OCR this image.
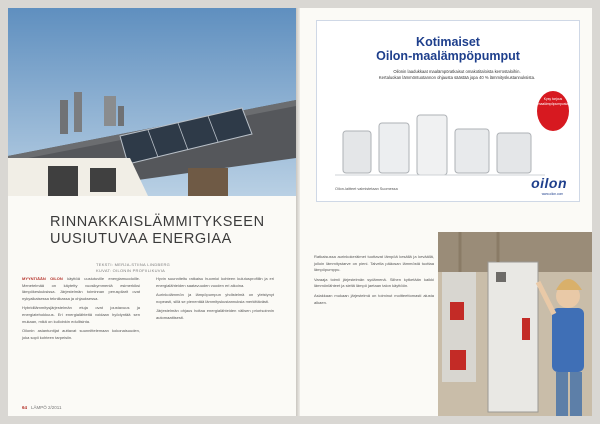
RINNAKKAISLÄMMITYKSEEN
UUSIUTUVAA ENERGIAA
TEKSTI: MERJA-STIINA LINDBERG
KUVAT: OILONIN PROFIILIKUVIA

MYYNTIÄÄN OILON käyttöä uusiutuville energiamuodoille. Menetelmää on käytetty vuosikymmeniä esimerkiksi lämpökeskuksissa. Järjestelmän toiminnan peruspilarit ovat nykyaikaisessa tekniikassa ja ohjauksessa.

Hybridilämmitysjärjestelmän etuja ovat joustavuus ja energiatehokkuus. Eri energialähteitä voidaan hyödyntää sen mukaan, mikä on kulloinkin edullisinta.

Oilonin asiantuntijat auttavat suunnittelemaan kokonaisuuden, joka sopii kohteen tarpeisiin.

Hyvin suunniteltu ratkaisu huomioi kohteen kulutusprofiilin ja eri energialähteiden saatavuuden vuoden eri aikoina.

Aurinkolämmön ja lämpöpumpun yhdistelmä on yleistynyt nopeasti, sillä se pienentää lämmityskustannuksia merkittävästi.

Järjestelmän ohjaus hoitaa energialähteiden välisen priorisoinnin automaattisesti.

64 LÄMPÖ 2/2011
Kotimaiset
Oilon-maalämpöpumput
Oilonin laadukkaat maalämpöratkaisut omakotitaloista kerrostaloihin.
Kertaluokan lämmöntuotannon ohjausta säästää jopa 40 % lämmityskustannuksista.
Kysy tarjous maalämpöpumpusta
Oilon-laitteet valmistetaan Suomessa	oilon
www.oilon.com

Ratkaisussa aurinkokeräimet tuottavat lämpöä kesällä ja keväällä, jolloin lämmitystarve on pieni. Talvella pääosan lämmöstä tuottaa lämpöpumppu.

Varaaja toimii järjestelmän sydämenä. Siihen kytketään kaikki lämmönlähteet ja sieltä lämpö jaetaan talon käyttöön.

Asiakkaan mukaan järjestelmä on toiminut moitteettomasti alusta alkaen.
